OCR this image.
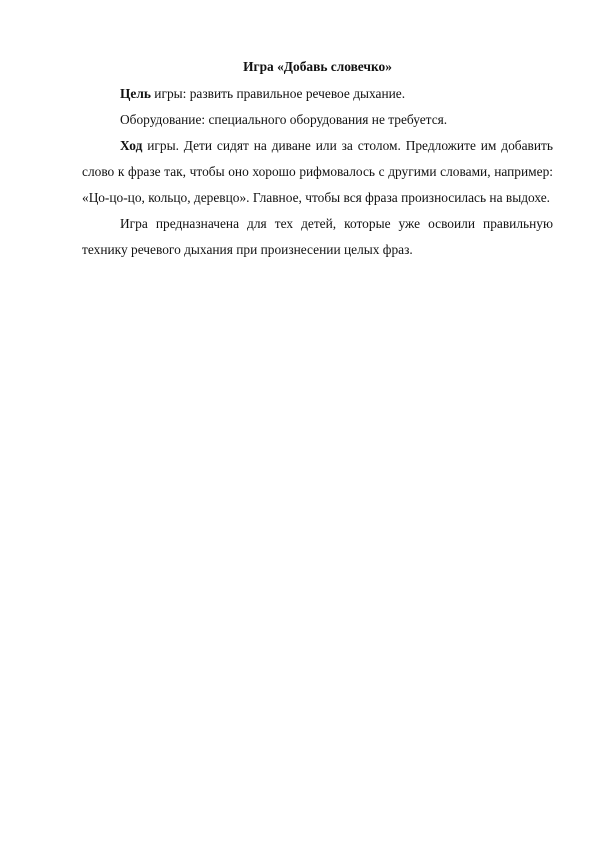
Игра «Добавь словечко»

Цель игры: развить правильное речевое дыхание.

Оборудование: специального оборудования не требуется.

Ход игры. Дети сидят на диване или за столом. Предложите им добавить слово к фразе так, чтобы оно хорошо рифмовалось с другими словами, например: «Цо-цо-цо, кольцо, деревцо». Главное, чтобы вся фраза произносилась на выдохе.

Игра предназначена для тех детей, которые уже освоили правильную технику речевого дыхания при произнесении целых фраз.
